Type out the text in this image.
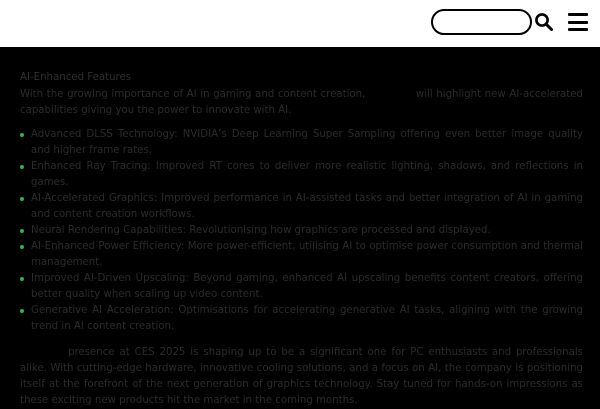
AI-Enhanced Features

With the growing importance of AI in gaming and content creation,	will highlight new AI-accelerated capabilities giving you the power to innovate with AI.

Advanced DLSS Technology: NVIDIA’s Deep Learning Super Sampling offering even better image quality and higher frame rates.
Enhanced Ray Tracing: Improved RT cores to deliver more realistic lighting, shadows, and reflections in games.
AI-Accelerated Graphics: Improved performance in AI-assisted tasks and better integration of AI in gaming and content creation workflows.
Neural Rendering Capabilities: Revolutionising how graphics are processed and displayed.
AI-Enhanced Power Efficiency: More power-efficient, utilising AI to optimise power consumption and thermal management.
Improved AI-Driven Upscaling: Beyond gaming, enhanced AI upscaling benefits content creators, offering better quality when scaling up video content.
Generative AI Acceleration: Optimisations for accelerating generative AI tasks, aligning with the growing trend in AI content creation.

presence at CES 2025 is shaping up to be a significant one for PC enthusiasts and professionals alike. With cutting-edge hardware, innovative cooling solutions, and a focus on AI, the company is positioning itself at the forefront of the next generation of graphics technology. Stay tuned for hands-on impressions as these exciting new products hit the market in the coming months.
